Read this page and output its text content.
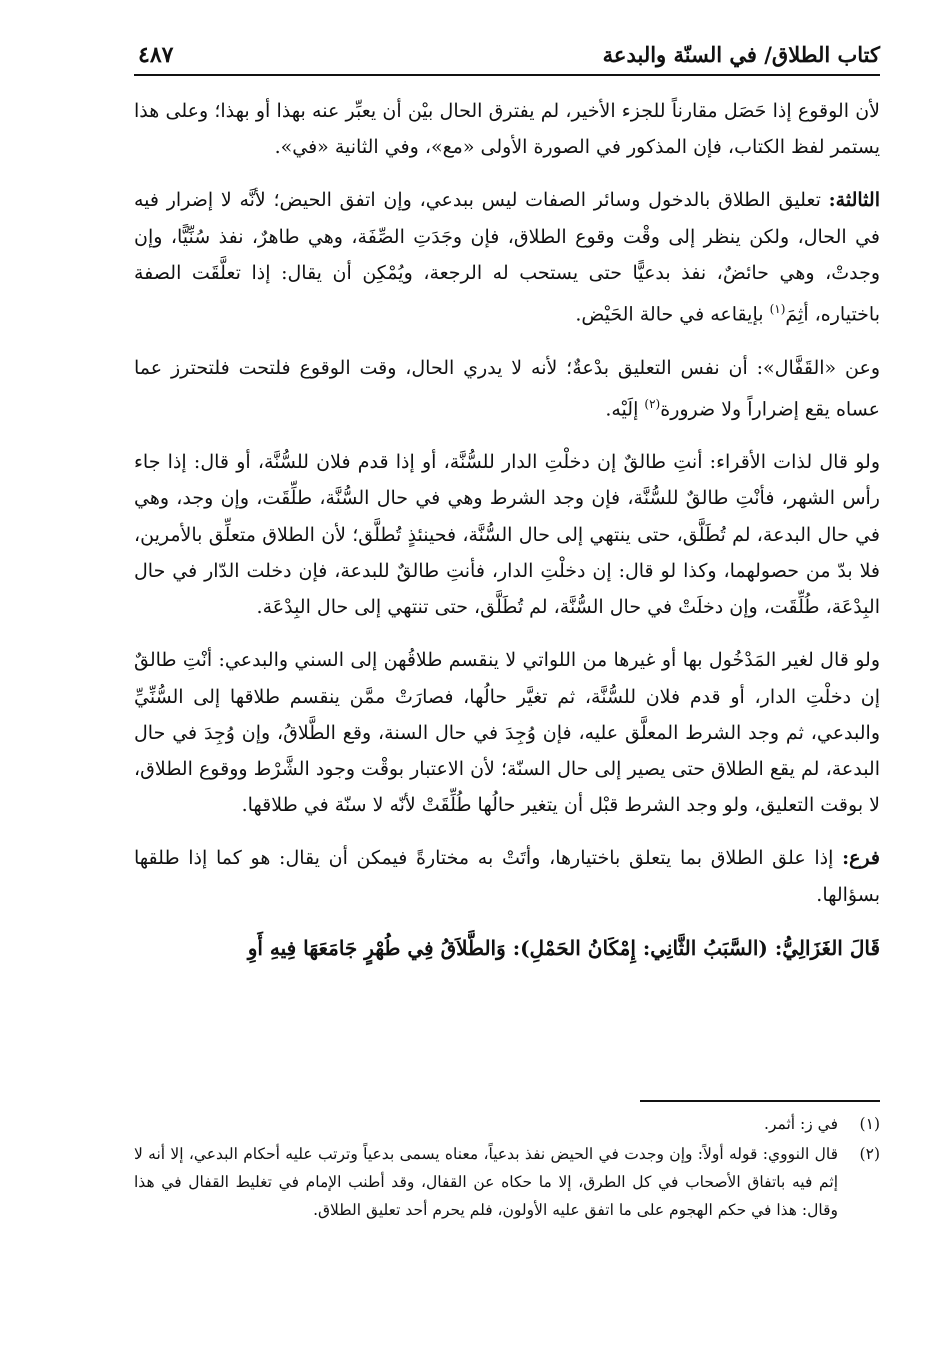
كتاب الطلاق/ في السنّة والبدعة
٤٨٧

لأن الوقوع إذا حَصَل مقارناً للجزء الأخير، لم يفترق الحال بيْن أن يعبِّر عنه بهذا أو بهذا؛ وعلى هذا يستمر لفظ الكتاب، فإن المذكور في الصورة الأولى «مع»، وفي الثانية «في».

الثالثة: تعليق الطلاق بالدخول وسائر الصفات ليس ببدعي، وإن اتفق الحيض؛ لأنَّه لا إضرار فيه في الحال، ولكن ينظر إلى وقْت وقوع الطلاق، فإن وجَدَتِ الصِّفَة، وهي طاهرٌ، نفذ سُنِّيًّا، وإن وجدتْ، وهي حائضٌ، نفذ بدعيًّا حتى يستحب له الرجعة، ويُمْكِن أن يقال: إذا تعلَّقَت الصفة باختياره، أثِمَ$^{(١)}$ بإيقاعه في حالة الحَيْض.

وعن «القَفَّال»: أن نفس التعليق بدْعةٌ؛ لأنه لا يدري الحال، وقت الوقوع فلتحت فلتحترز عما عساه يقع إضراراً ولا ضرورة$^{(٢)}$ إلَيْه.

ولو قال لذات الأقراء: أنتِ طالقٌ إن دخلْتِ الدار للسُّنَّة، أو إذا قدم فلان للسُّنَّة، أو قال: إذا جاء رأس الشهر، فأنْتِ طالقٌ للسُّنَّة، فإن وجد الشرط وهي في حال السُّنَّة، طلِّقَت، وإن وجد، وهي في حال البدعة، لم تُطَلَّق، حتى ينتهي إلى حال السُّنَّة، فحينئذٍ تُطلَّق؛ لأن الطلاق متعلِّق بالأمرين، فلا بدّ من حصولهما، وكذا لو قال: إن دخلْتِ الدار، فأنتِ طالقٌ للبدعة، فإن دخلت الدّار في حال البِدْعَة، طُلِّقَت، وإن دخلَتْ في حال السُّنَّة، لم تُطَلَّق، حتى تنتهي إلى حال البِدْعَة.

ولو قال لغير المَدْخُول بها أو غيرها من اللواتي لا ينقسم طلاقُهن إلى السني والبدعي: أنْتِ طالقٌ إن دخلْتِ الدار، أو قدم فلان للسُّنَّة، ثم تغيَّر حالُها، فصارَتْ ممَّن ينقسم طلاقها إلى السُّنِّيِّ والبدعي، ثم وجد الشرط المعلَّق عليه، فإن وُجِدَ في حال السنة، وقع الطَّلاقُ، وإن وُجِدَ في حال البدعة، لم يقع الطلاق حتى يصير إلى حال السنّة؛ لأن الاعتبار بوقْت وجود الشَّرْط ووقوع الطلاق، لا بوقت التعليق، ولو وجد الشرط قبْل أن يتغير حالُها طُلِّقَتْ لأنّه لا سنّة في طلاقها.

فرع: إذا علق الطلاق بما يتعلق باختيارها، وأتَتْ به مختارةً فيمكن أن يقال: هو كما إذا طلقها بسؤالها.

قَالَ الغَزَالِيُّ: (السَّبَبُ الثَّانِي: إِمْكَانُ الحَمْلِ): وَالطَّلاَقُ فِي طُهْرٍ جَامَعَهَا فِيهِ أَوِ

(١)
في ز: أثمر.
(٢)
قال النووي: قوله أولاً: وإن وجدت في الحيض نفذ بدعياً، معناه يسمى بدعياً وترتب عليه أحكام البدعي، إلا أنه لا إثم فيه باتفاق الأصحاب في كل الطرق، إلا ما حكاه عن القفال، وقد أطنب الإمام في تغليط القفال في هذا وقال: هذا في حكم الهجوم على ما اتفق عليه الأولون، فلم يحرم أحد تعليق الطلاق.
